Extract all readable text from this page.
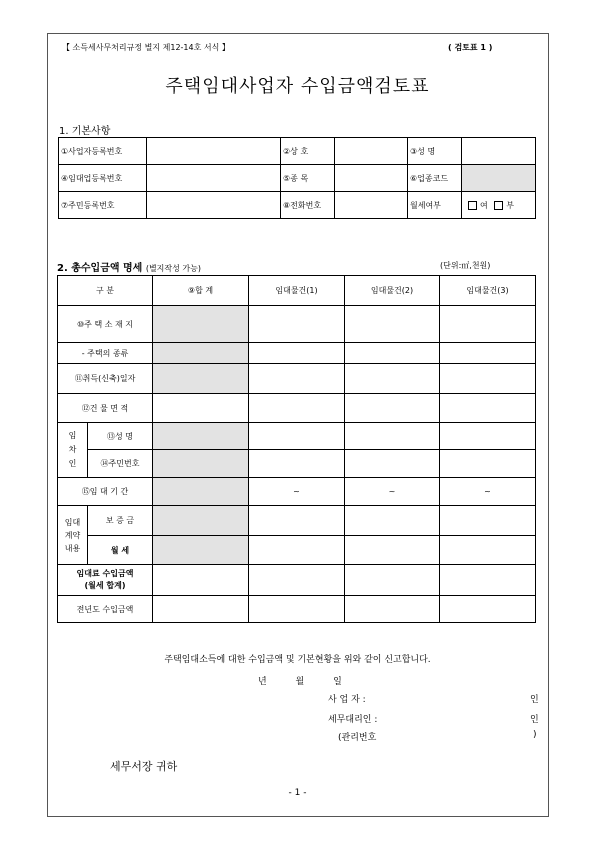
【 소득세사무처리규정 별지 제12-14호 서식 】	( 검토표 1 )
주택임대사업자 수입금액검토표
1. 기본사항
①사업자등록번호		②상 호		③성 명	
④임대업등록번호		⑤종 목		⑥업종코드	
⑦주민등록번호		⑧전화번호		월세여부	여 부
2. 총수입금액 명세 (별지작성 가능)	(단위:㎡,천원)
구 분		⑨합 계	임대물건(1)	임대물건(2)	임대물건(3)
⑩주 택 소 재 지					
- 주택의 종류					
⑪취득(신축)일자					
⑫건 물 면 적					
임
차
인	⑬성 명				
	⑭주민번호				
⑮임 대 기 간			~	~	~
임대
계약
내용	보 증 금				
	월 세				

임대료 수입금액
(월세 합계)					

전년도 수입금액					
주택임대소득에 대한 수입금액 및 기본현황을 위와 같이 신고합니다.
년 월 일
사 업 자 :	인
세무대리인 :	인
(관리번호	)
세무서장 귀하
- 1 -
